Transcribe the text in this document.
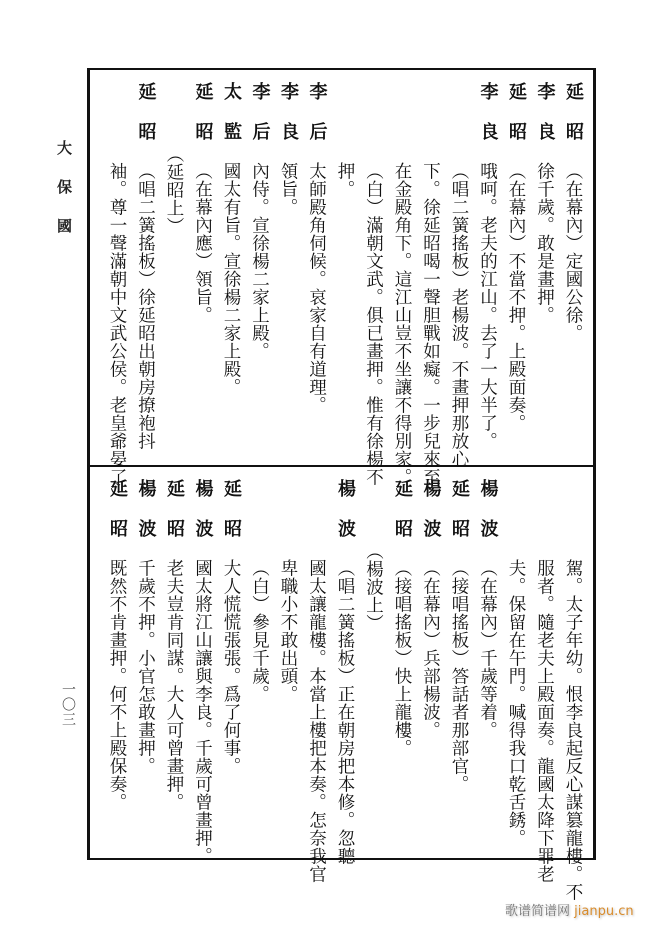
大保國
一〇三
延昭
（在幕內）定國公徐。
李良
徐千歲。敢是畫押。
延昭
（在幕內）不當不押。上殿面奏。
李良
哦呵。老夫的江山。去了一大半了。
（唱二簧搖板）老楊波。不畫押那放心
下。徐延昭喝一聲胆戰如癡。一步兒來至
在金殿角下。這江山豈不坐讓不得別家。
（白）滿朝文武。俱已畫押。惟有徐楊不
押。
李后
太師殿角伺候。哀家自有道理。
李良
領旨。
李后
內侍。宣徐楊二家上殿。
太監
國太有旨。宣徐楊二家上殿。
延昭
（在幕內應）領旨。
（延昭上）
延昭
（唱二簧搖板）徐延昭出朝房撩袍抖
袖。尊一聲滿朝中文武公侯。老皇爺晏了
駕。太子年幼。恨李良起反心謀篡龍樓。不
服者。隨老夫上殿面奏。龍國太降下罪老
夫。保留在午門。喊得我口乾舌銹。
楊波
（在幕內）千歲等着。
延昭
（接唱搖板）答話者那部官。
楊波
（在幕內）兵部楊波。
延昭
（接唱搖板）快上龍樓。
（楊波上）
楊波
（唱二簧搖板）正在朝房把本修。忽聽
國太讓龍樓。本當上樓把本奏。怎奈我官
卑職小不敢出頭。
（白）參見千歲。
延昭
大人慌慌張張。爲了何事。
楊波
國太將江山讓與李良。千歲可曾畫押。
延昭
老夫豈肯同謀。大人可曾畫押。
楊波
千歲不押。小官怎敢畫押。
延昭
既然不肯畫押。何不上殿保奏。
歌谱简谱网 jianpu.cn
